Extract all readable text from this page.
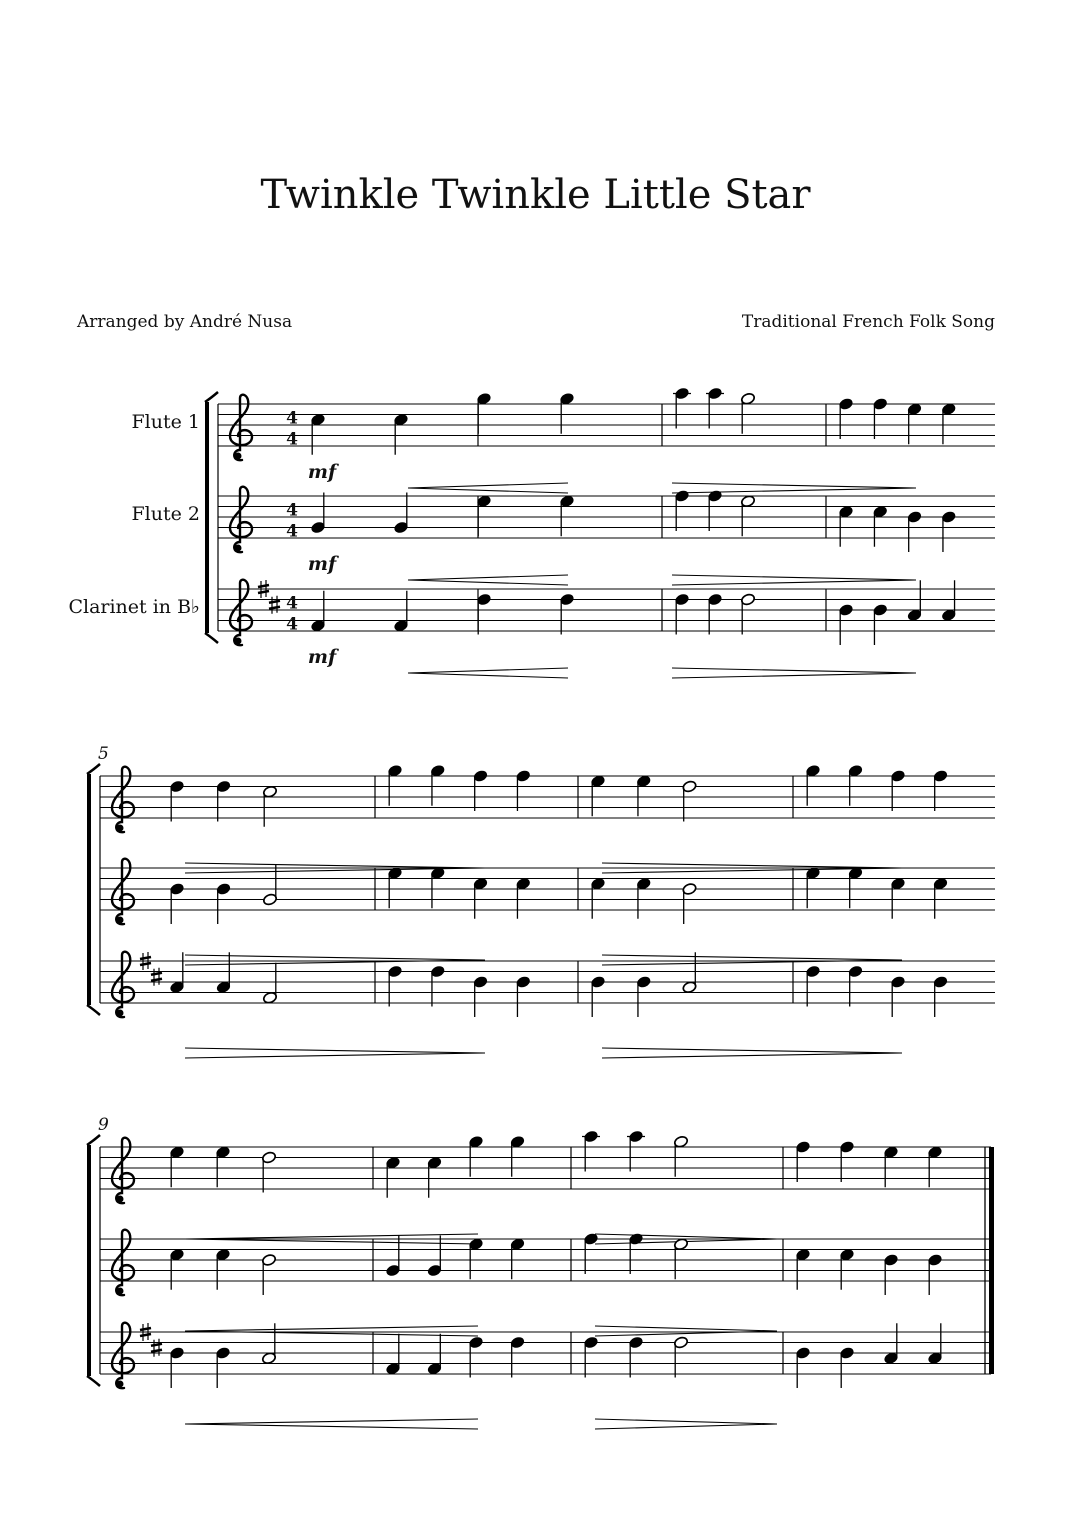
Twinkle Twinkle Little Star
Arranged by André Nusa	Traditional French Folk Song
Flute 1	4
4
mf
Flute 2	4
4
mf
Clarinet in B♭	4
4
mf
5
9
